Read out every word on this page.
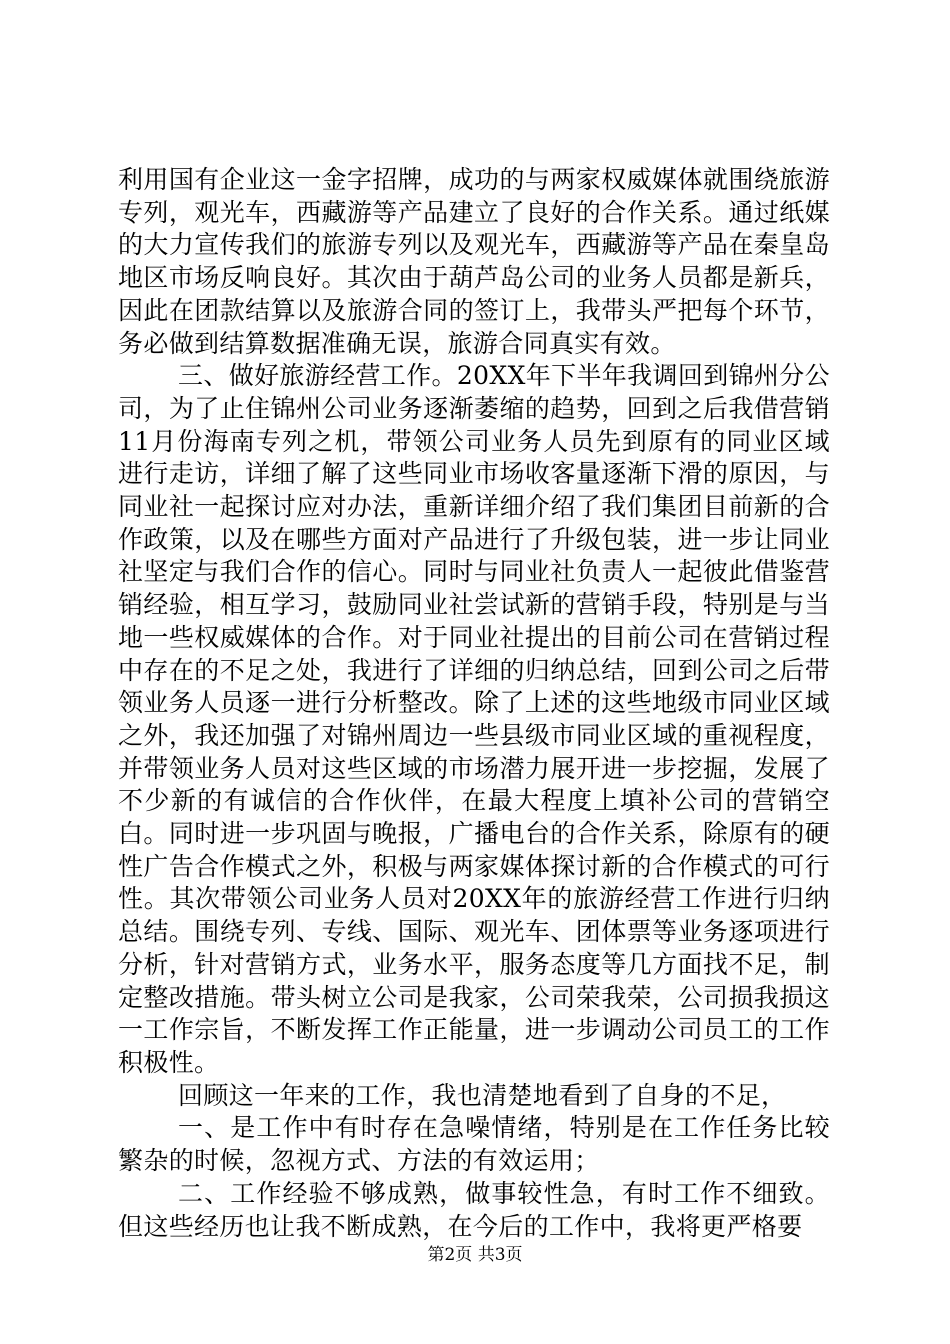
利用国有企业这一金字招牌，成功的与两家权威媒体就围绕旅游专列，观光车，西藏游等产品建立了良好的合作关系。通过纸媒的大力宣传我们的旅游专列以及观光车，西藏游等产品在秦皇岛地区市场反响良好。其次由于葫芦岛公司的业务人员都是新兵，因此在团款结算以及旅游合同的签订上，我带头严把每个环节，务必做到结算数据准确无误，旅游合同真实有效。

三、做好旅游经营工作。20XX年下半年我调回到锦州分公司，为了止住锦州公司业务逐渐萎缩的趋势，回到之后我借营销11月份海南专列之机，带领公司业务人员先到原有的同业区域进行走访，详细了解了这些同业市场收客量逐渐下滑的原因，与同业社一起探讨应对办法，重新详细介绍了我们集团目前新的合作政策，以及在哪些方面对产品进行了升级包装，进一步让同业社坚定与我们合作的信心。同时与同业社负责人一起彼此借鉴营销经验，相互学习，鼓励同业社尝试新的营销手段，特别是与当地一些权威媒体的合作。对于同业社提出的目前公司在营销过程中存在的不足之处，我进行了详细的归纳总结，回到公司之后带领业务人员逐一进行分析整改。除了上述的这些地级市同业区域之外，我还加强了对锦州周边一些县级市同业区域的重视程度，并带领业务人员对这些区域的市场潜力展开进一步挖掘，发展了不少新的有诚信的合作伙伴，在最大程度上填补公司的营销空白。同时进一步巩固与晚报，广播电台的合作关系，除原有的硬性广告合作模式之外，积极与两家媒体探讨新的合作模式的可行性。其次带领公司业务人员对20XX年的旅游经营工作进行归纳总结。围绕专列、专线、国际、观光车、团体票等业务逐项进行分析，针对营销方式，业务水平，服务态度等几方面找不足，制定整改措施。带头树立公司是我家，公司荣我荣，公司损我损这一工作宗旨，不断发挥工作正能量，进一步调动公司员工的工作积极性。

回顾这一年来的工作，我也清楚地看到了自身的不足，

一、是工作中有时存在急噪情绪，特别是在工作任务比较繁杂的时候，忽视方式、方法的有效运用；

二、工作经验不够成熟，做事较性急，有时工作不细致。但这些经历也让我不断成熟，在今后的工作中，我将更严格要

第2页 共3页
